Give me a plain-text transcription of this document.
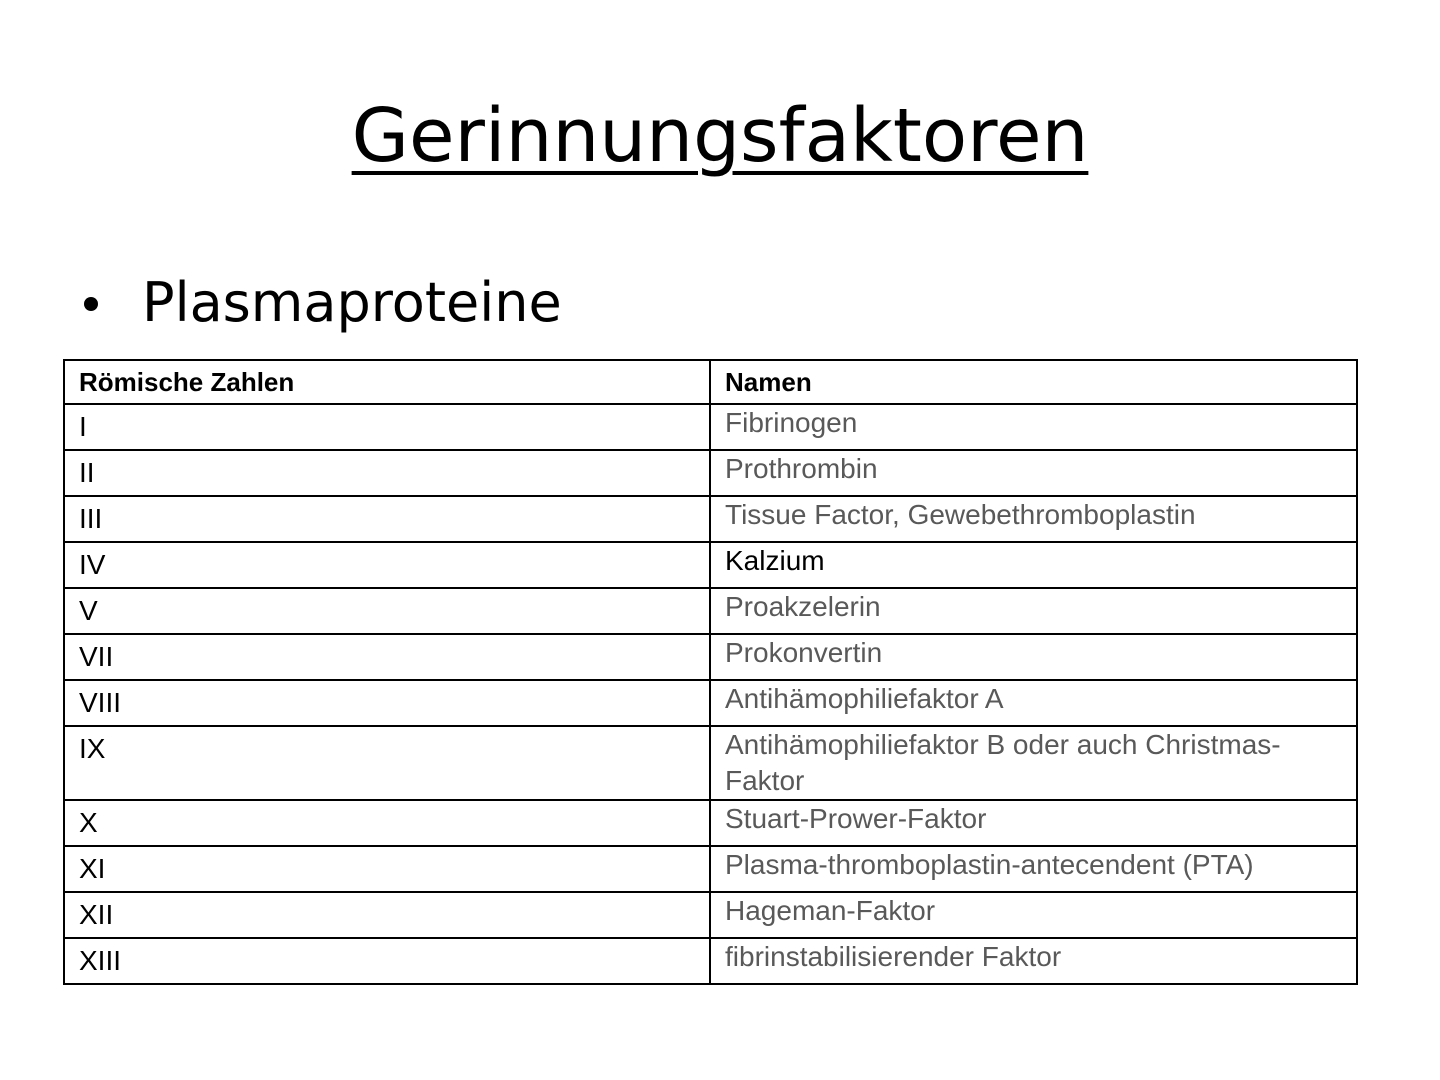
Gerinnungsfaktoren
Plasmaproteine
Römische Zahlen	Namen
I	Fibrinogen
II	Prothrombin
III	Tissue Factor, Gewebethromboplastin
IV	Kalzium
V	Proakzelerin
VII	Prokonvertin
VIII	Antihämophiliefaktor A
IX	Antihämophiliefaktor B oder auch Christmas-Faktor
X	Stuart-Prower-Faktor
XI	Plasma-thromboplastin-antecendent (PTA)
XII	Hageman-Faktor
XIII	fibrinstabilisierender Faktor
